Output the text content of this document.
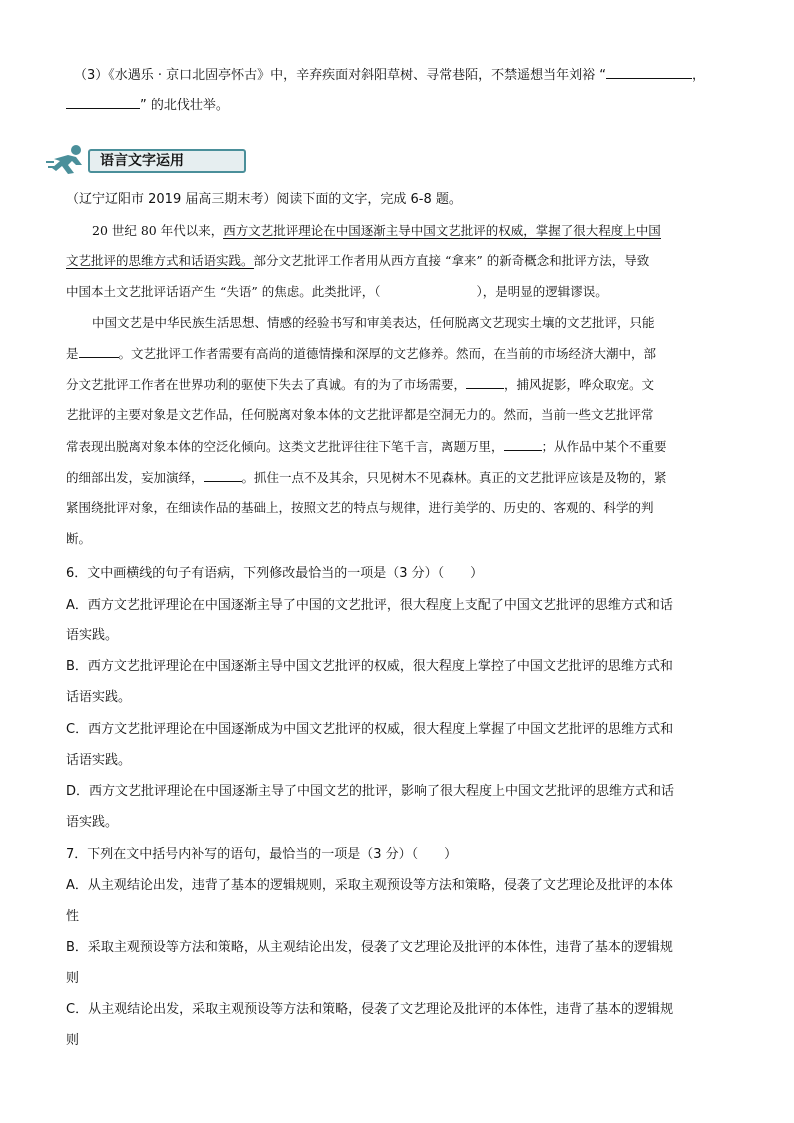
（3）《水遇乐 · 京口北固亭怀古》中，辛弃疾面对斜阳草树、寻常巷陌，不禁遥想当年刘裕 “	，
” 的北伐壮举。
语言文字运用
（辽宁辽阳市 2019 届高三期末考）阅读下面的文字，完成 6-8 题。
20 世纪 80 年代以来，西方文艺批评理论在中国逐渐主导中国文艺批评的权威，掌握了很大程度上中国
文艺批评的思维方式和话语实践。部分文艺批评工作者用从西方直接 “拿来” 的新奇概念和批评方法，导致
中国本土文艺批评话语产生 “失语” 的焦虑。此类批评，（	），是明显的逻辑谬误。
中国文艺是中华民族生活思想、情感的经验书写和审美表达，任何脱离文艺现实土壤的文艺批评，只能
是	。文艺批评工作者需要有高尚的道德情操和深厚的文艺修养。然而，在当前的市场经济大潮中，部
分文艺批评工作者在世界功利的驱使下失去了真诚。有的为了市场需要，	，捕风捉影，哗众取宠。文
艺批评的主要对象是文艺作品，任何脱离对象本体的文艺批评都是空洞无力的。然而，当前一些文艺批评常
常表现出脱离对象本体的空泛化倾向。这类文艺批评往往下笔千言，离题万里，	；从作品中某个不重要
的细部出发，妄加演绎，	。抓住一点不及其余，只见树木不见森林。真正的文艺批评应该是及物的，紧
紧围绕批评对象，在细读作品的基础上，按照文艺的特点与规律，进行美学的、历史的、客观的、科学的判
断。
6．文中画横线的句子有语病，下列修改最恰当的一项是（3 分）（　　）
A．西方文艺批评理论在中国逐渐主导了中国的文艺批评，很大程度上支配了中国文艺批评的思维方式和话
语实践。
B．西方文艺批评理论在中国逐渐主导中国文艺批评的权威，很大程度上掌控了中国文艺批评的思维方式和
话语实践。
C．西方文艺批评理论在中国逐渐成为中国文艺批评的权威，很大程度上掌握了中国文艺批评的思维方式和
话语实践。
D．西方文艺批评理论在中国逐渐主导了中国文艺的批评，影响了很大程度上中国文艺批评的思维方式和话
语实践。
7．下列在文中括号内补写的语句，最恰当的一项是（3 分）（　　）
A．从主观结论出发，违背了基本的逻辑规则，采取主观预设等方法和策略，侵袭了文艺理论及批评的本体
性
B．采取主观预设等方法和策略，从主观结论出发，侵袭了文艺理论及批评的本体性，违背了基本的逻辑规
则
C．从主观结论出发，采取主观预设等方法和策略，侵袭了文艺理论及批评的本体性，违背了基本的逻辑规
则
